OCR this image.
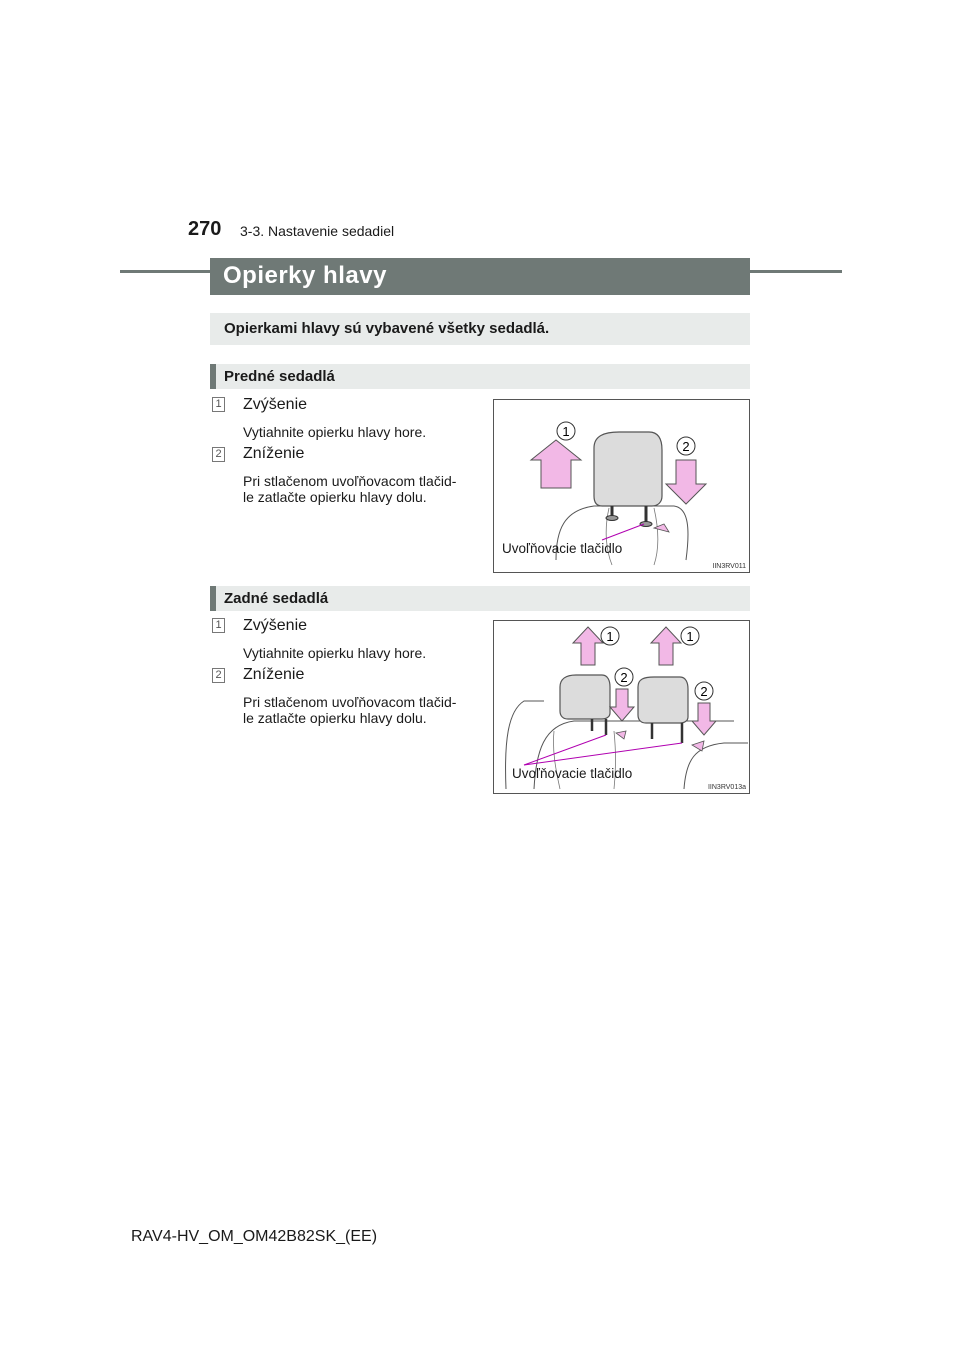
270 3-3. Nastavenie sedadiel
Opierky hlavy
Opierkami hlavy sú vybavené všetky sedadlá.
Predné sedadlá
1 Zvýšenie
Vytiahnite opierku hlavy hore.
2 Zníženie
Pri stlačenom uvoľňovacom tlačid-
le zatlačte opierku hlavy dolu.
1
2
Uvoľňovacie tlačidlo
IIN3RV011
Zadné sedadlá
1 Zvýšenie
Vytiahnite opierku hlavy hore.
2 Zníženie
Pri stlačenom uvoľňovacom tlačid-
le zatlačte opierku hlavy dolu.
1	1
2
2
Uvoľňovacie tlačidlo
IIN3RV013a
RAV4-HV_OM_OM42B82SK_(EE)
